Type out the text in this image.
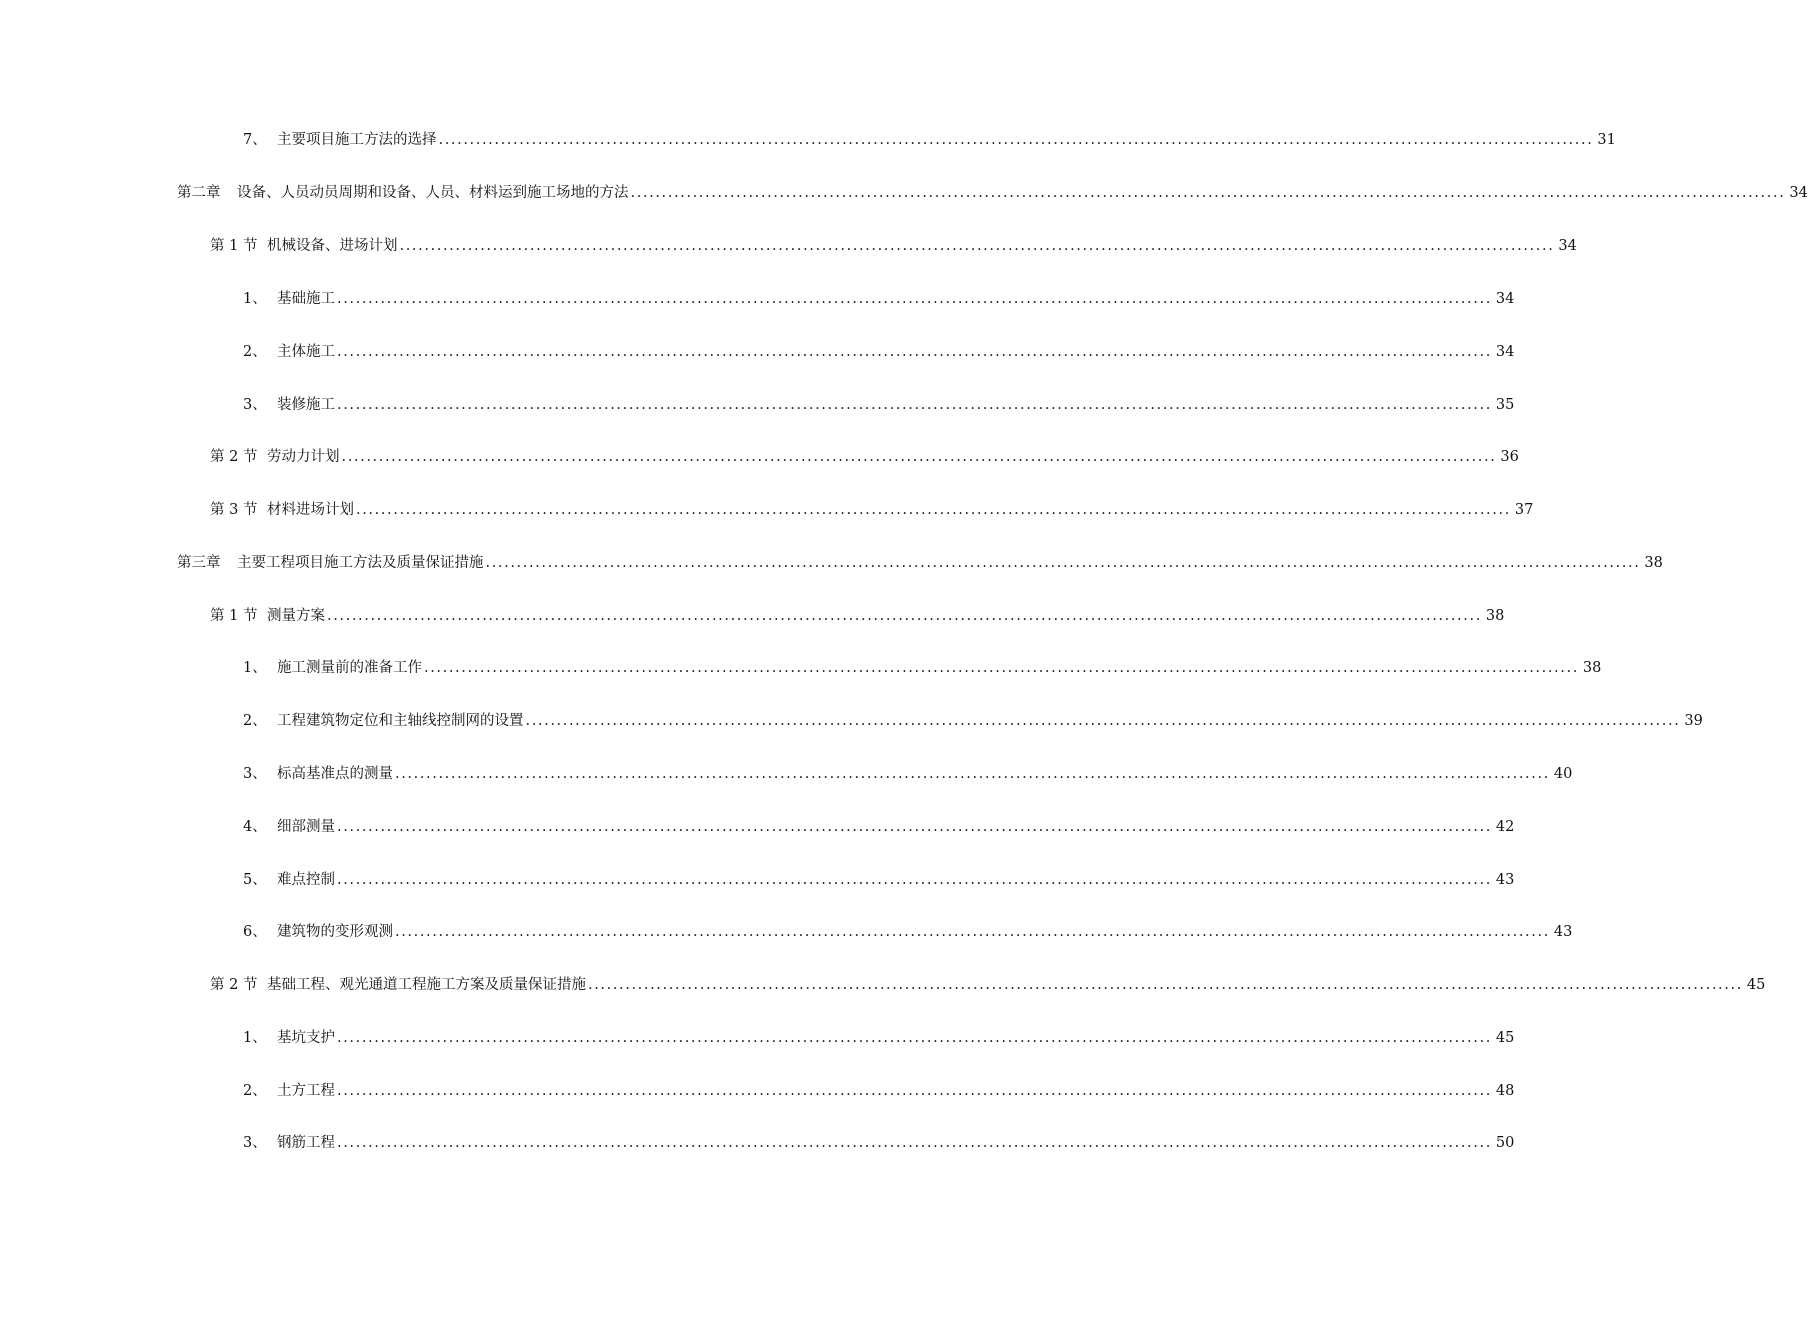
7、 主要项目施工方法的选择 .......................................................................................................................................................................................... 31
第二章	设备、人员动员周期和设备、人员、材料运到施工场地的方法 .......................................................................................................................................................................................... 34
第 1 节 机械设备、进场计划 .......................................................................................................................................................................................... 34
1、 基础施工 .......................................................................................................................................................................................... 34
2、 主体施工 .......................................................................................................................................................................................... 34
3、 装修施工 .......................................................................................................................................................................................... 35
第 2 节 劳动力计划 .......................................................................................................................................................................................... 36
第 3 节 材料进场计划 .......................................................................................................................................................................................... 37
第三章	主要工程项目施工方法及质量保证措施 .......................................................................................................................................................................................... 38
第 1 节 测量方案 .......................................................................................................................................................................................... 38
1、 施工测量前的准备工作 .......................................................................................................................................................................................... 38
2、 工程建筑物定位和主轴线控制网的设置 .......................................................................................................................................................................................... 39
3、 标高基准点的测量 .......................................................................................................................................................................................... 40
4、 细部测量 .......................................................................................................................................................................................... 42
5、 难点控制 .......................................................................................................................................................................................... 43
6、 建筑物的变形观测 .......................................................................................................................................................................................... 43
第 2 节 基础工程、观光通道工程施工方案及质量保证措施 .......................................................................................................................................................................................... 45
1、 基坑支护 .......................................................................................................................................................................................... 45
2、 土方工程 .......................................................................................................................................................................................... 48
3、 钢筋工程 .......................................................................................................................................................................................... 50
